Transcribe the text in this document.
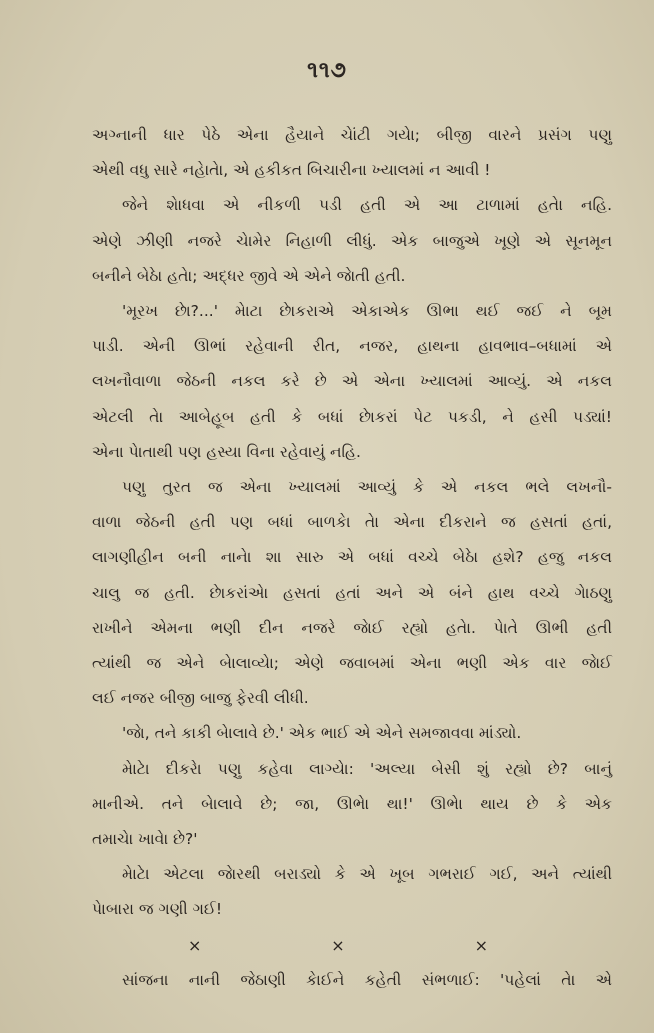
૧૧૭

અગ્નાની ધાર પેઠે એના હૈયાને ચેાંટી ગયેા; બીજી વારને પ્રસંગ પણુ

એથી વધુ સારે નહેાતેા, એ હકીકત બિચારીના ખ્યાલમાં ન આવી !

જેને શેાધવા એ નીકળી પડી હતી એ આ ટાળામાં હતેા નહિ.

એણે ઝીણી નજરે ચેામેર નિહાળી લીધું. એક બાજુએ ખૂણે એ સૂનમૂન

બનીને બેઠેા હતેા; અદ્ધર જીવે એ એને જેાતી હતી.

'મૂરખ છેા?...' મેાટા છેાકરાએ એકાએક ઊભા થઈ જઈ ને બૂમ

પાડી. એની ઊભાં રહેવાની રીત, નજર, હાથના હાવભાવ–બધામાં એ

લખનૌવાળા જેઠની નકલ કરે છે એ એના ખ્યાલમાં આવ્યું. એ નકલ

એટલી તેા આબેહૂબ હતી કે બધાં છેાકરાં પેટ પકડી, ને હસી પડ્યાં!

એના પેાતાથી પણ હસ્યા વિના રહેવાયું નહિ.

પણુ તુરત જ એના ખ્યાલમાં આવ્યું કે એ નકલ ભલે લખનૌ-

વાળા જેઠની હતી પણ બધાં બાળકેા તેા એના દીકરાને જ હસતાં હતાં,

લાગણીહીન બની નાનેા શા સારુ એ બધાં વચ્ચે બેઠેા હશે? હજુ નકલ

ચાલુ જ હતી. છેાકરાંએા હસતાં હતાં અને એ બંને હાથ વચ્ચે ગેાઠણુ

રાખીને એમના ભણી દીન નજરે જેાઈ રહ્યો હતેા. પેાતે ઊભી હતી

ત્યાંથી જ એને બેાલાવ્યેા; એણે જવાબમાં એના ભણી એક વાર જેાઈ

લઈ નજર બીજી બાજુ ફેરવી લીધી.

'જેા, તને કાકી બેાલાવે છે.' એક ભાઈ એ એને સમજાવવા માંડ્યો.

મેાટેા દીકરેા પણુ કહેવા લાગ્યેા: 'અલ્યા બેસી શું રહ્યો છે? બાનું

માનીએ. તને બેાલાવે છે; જા, ઊભેા થા!' ઊભેા થાય છે કે એક

તમાચેા ખાવેા છે?'

મેાટેા એટલા જેારથી બરાડ્યો કે એ ખૂબ ગભરાઈ ગઈ, અને ત્યાંથી

પેાબારા જ ગણી ગઈ!

×	×	×

સાંજના નાની જેઠાણી કેાઈને કહેતી સંભળાઈ: 'પહેલાં તેા એ
